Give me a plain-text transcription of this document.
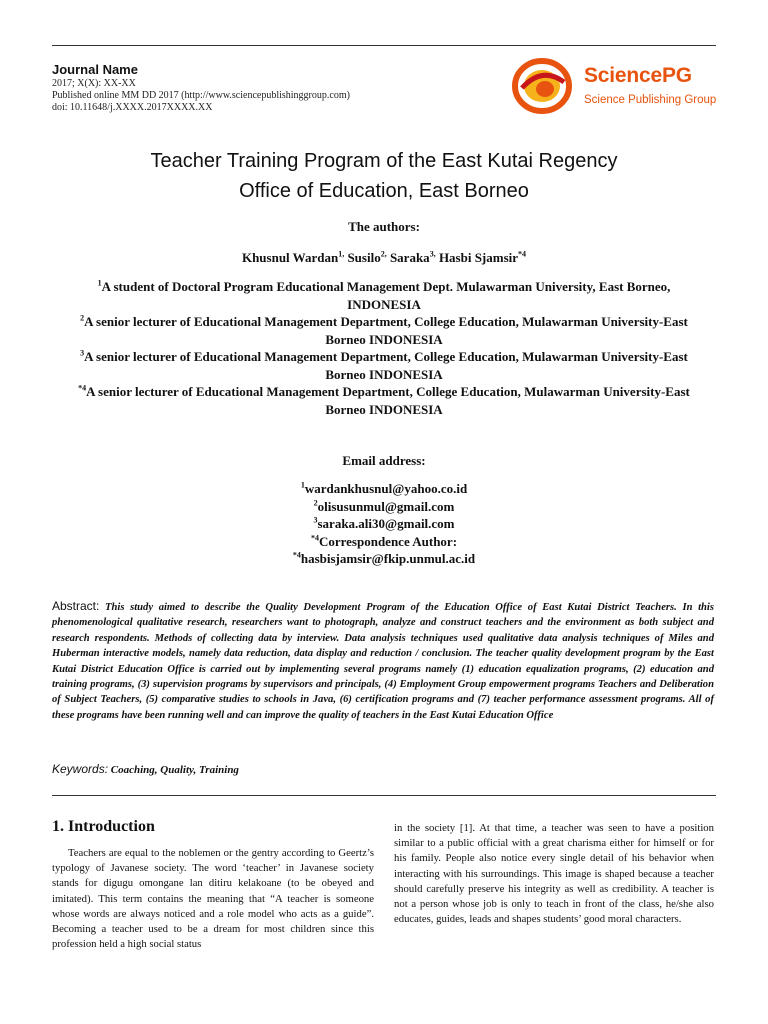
Journal Name
2017; X(X): XX-XX
Published online MM DD 2017 (http://www.sciencepublishinggroup.com)
doi: 10.11648/j.XXXX.2017XXXX.XX
SciencePG
Science Publishing Group
Teacher Training Program of the East Kutai Regency
Office of Education, East Borneo
The authors:
Khusnul Wardan$^{1,}$ Susilo$^{2,}$ Saraka$^{3,}$ Hasbi Sjamsir$^{*4}$
$^1$A student of Doctoral Program Educational Management Dept. Mulawarman University, East Borneo, INDONESIA
$^2$A senior lecturer of Educational Management Department, College Education, Mulawarman University-East Borneo INDONESIA
$^3$A senior lecturer of Educational Management Department, College Education, Mulawarman University-East Borneo INDONESIA
$^{*4}$A senior lecturer of Educational Management Department, College Education, Mulawarman University-East Borneo INDONESIA
Email address:
$^1$wardankhusnul@yahoo.co.id
$^2$olisusunmul@gmail.com
$^3$saraka.ali30@gmail.com
$^{*4}$Correspondence Author:
$^{*4}$hasbisjamsir@fkip.unmul.ac.id
Abstract: This study aimed to describe the Quality Development Program of the Education Office of East Kutai District Teachers. In this phenomenological qualitative research, researchers want to photograph, analyze and construct teachers and the environment as both subject and research respondents. Methods of collecting data by interview. Data analysis techniques used qualitative data analysis techniques of Miles and Huberman interactive models, namely data reduction, data display and reduction / conclusion. The teacher quality development program by the East Kutai District Education Office is carried out by implementing several programs namely (1) education equalization programs, (2) education and training programs, (3) supervision programs by supervisors and principals, (4) Employment Group empowerment programs Teachers and Deliberation of Subject Teachers, (5) comparative studies to schools in Java, (6) certification programs and (7) teacher performance assessment programs. All of these programs have been running well and can improve the quality of teachers in the East Kutai Education Office
Keywords: Coaching, Quality, Training
1. Introduction

Teachers are equal to the noblemen or the gentry according to Geertz’s typology of Javanese society. The word ‘teacher’ in Javanese society stands for digugu omongane lan ditiru kelakoane (to be obeyed and imitated). This term contains the meaning that “A teacher is someone whose words are always noticed and a role model who acts as a guide”. Becoming a teacher used to be a dream for most children since this profession held a high social status

in the society [1]. At that time, a teacher was seen to have a position similar to a public official with a great charisma either for himself or for his family. People also notice every single detail of his behavior when interacting with his surroundings. This image is shaped because a teacher should carefully preserve his integrity as well as credibility. A teacher is not a person whose job is only to teach in front of the class, he/she also educates, guides, leads and shapes students’ good moral characters.
